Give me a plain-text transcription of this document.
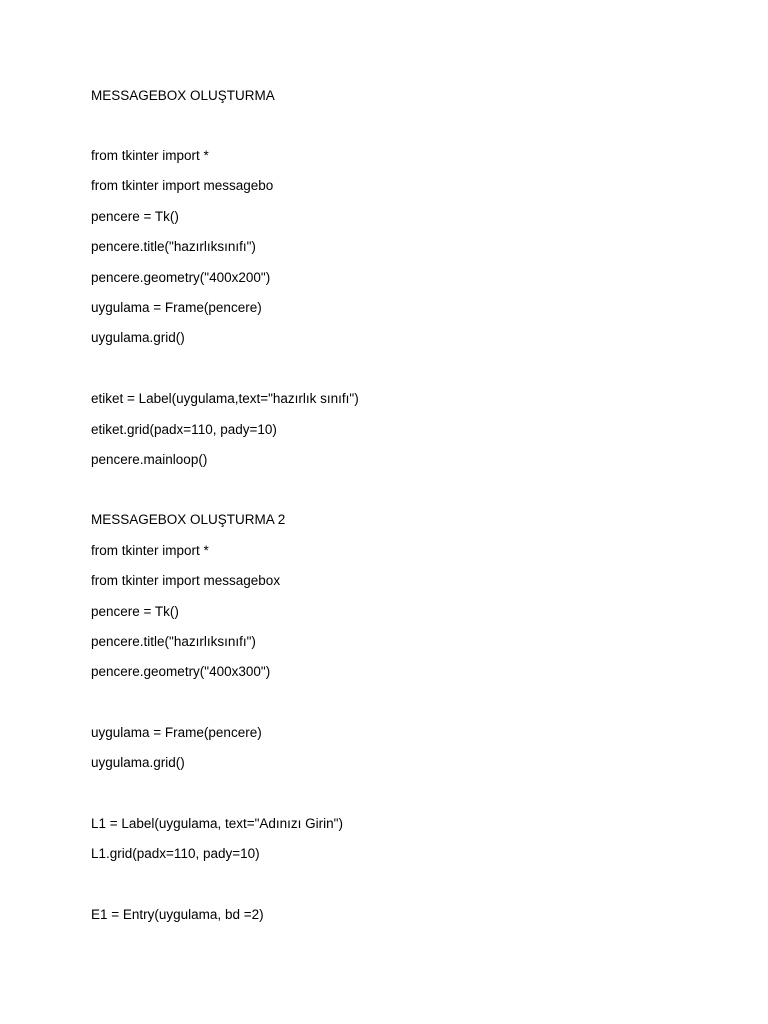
MESSAGEBOX OLUŞTURMA
from tkinter import *
from tkinter import messagebo
pencere = Tk()
pencere.title("hazırlıksınıfı")
pencere.geometry("400x200")
uygulama = Frame(pencere)
uygulama.grid()
etiket = Label(uygulama,text="hazırlık sınıfı")
etiket.grid(padx=110, pady=10)
pencere.mainloop()
MESSAGEBOX OLUŞTURMA 2
from tkinter import *
from tkinter import messagebox
pencere = Tk()
pencere.title("hazırlıksınıfı")
pencere.geometry("400x300")
uygulama = Frame(pencere)
uygulama.grid()
L1 = Label(uygulama, text="Adınızı Girin")
L1.grid(padx=110, pady=10)
E1 = Entry(uygulama, bd =2)
